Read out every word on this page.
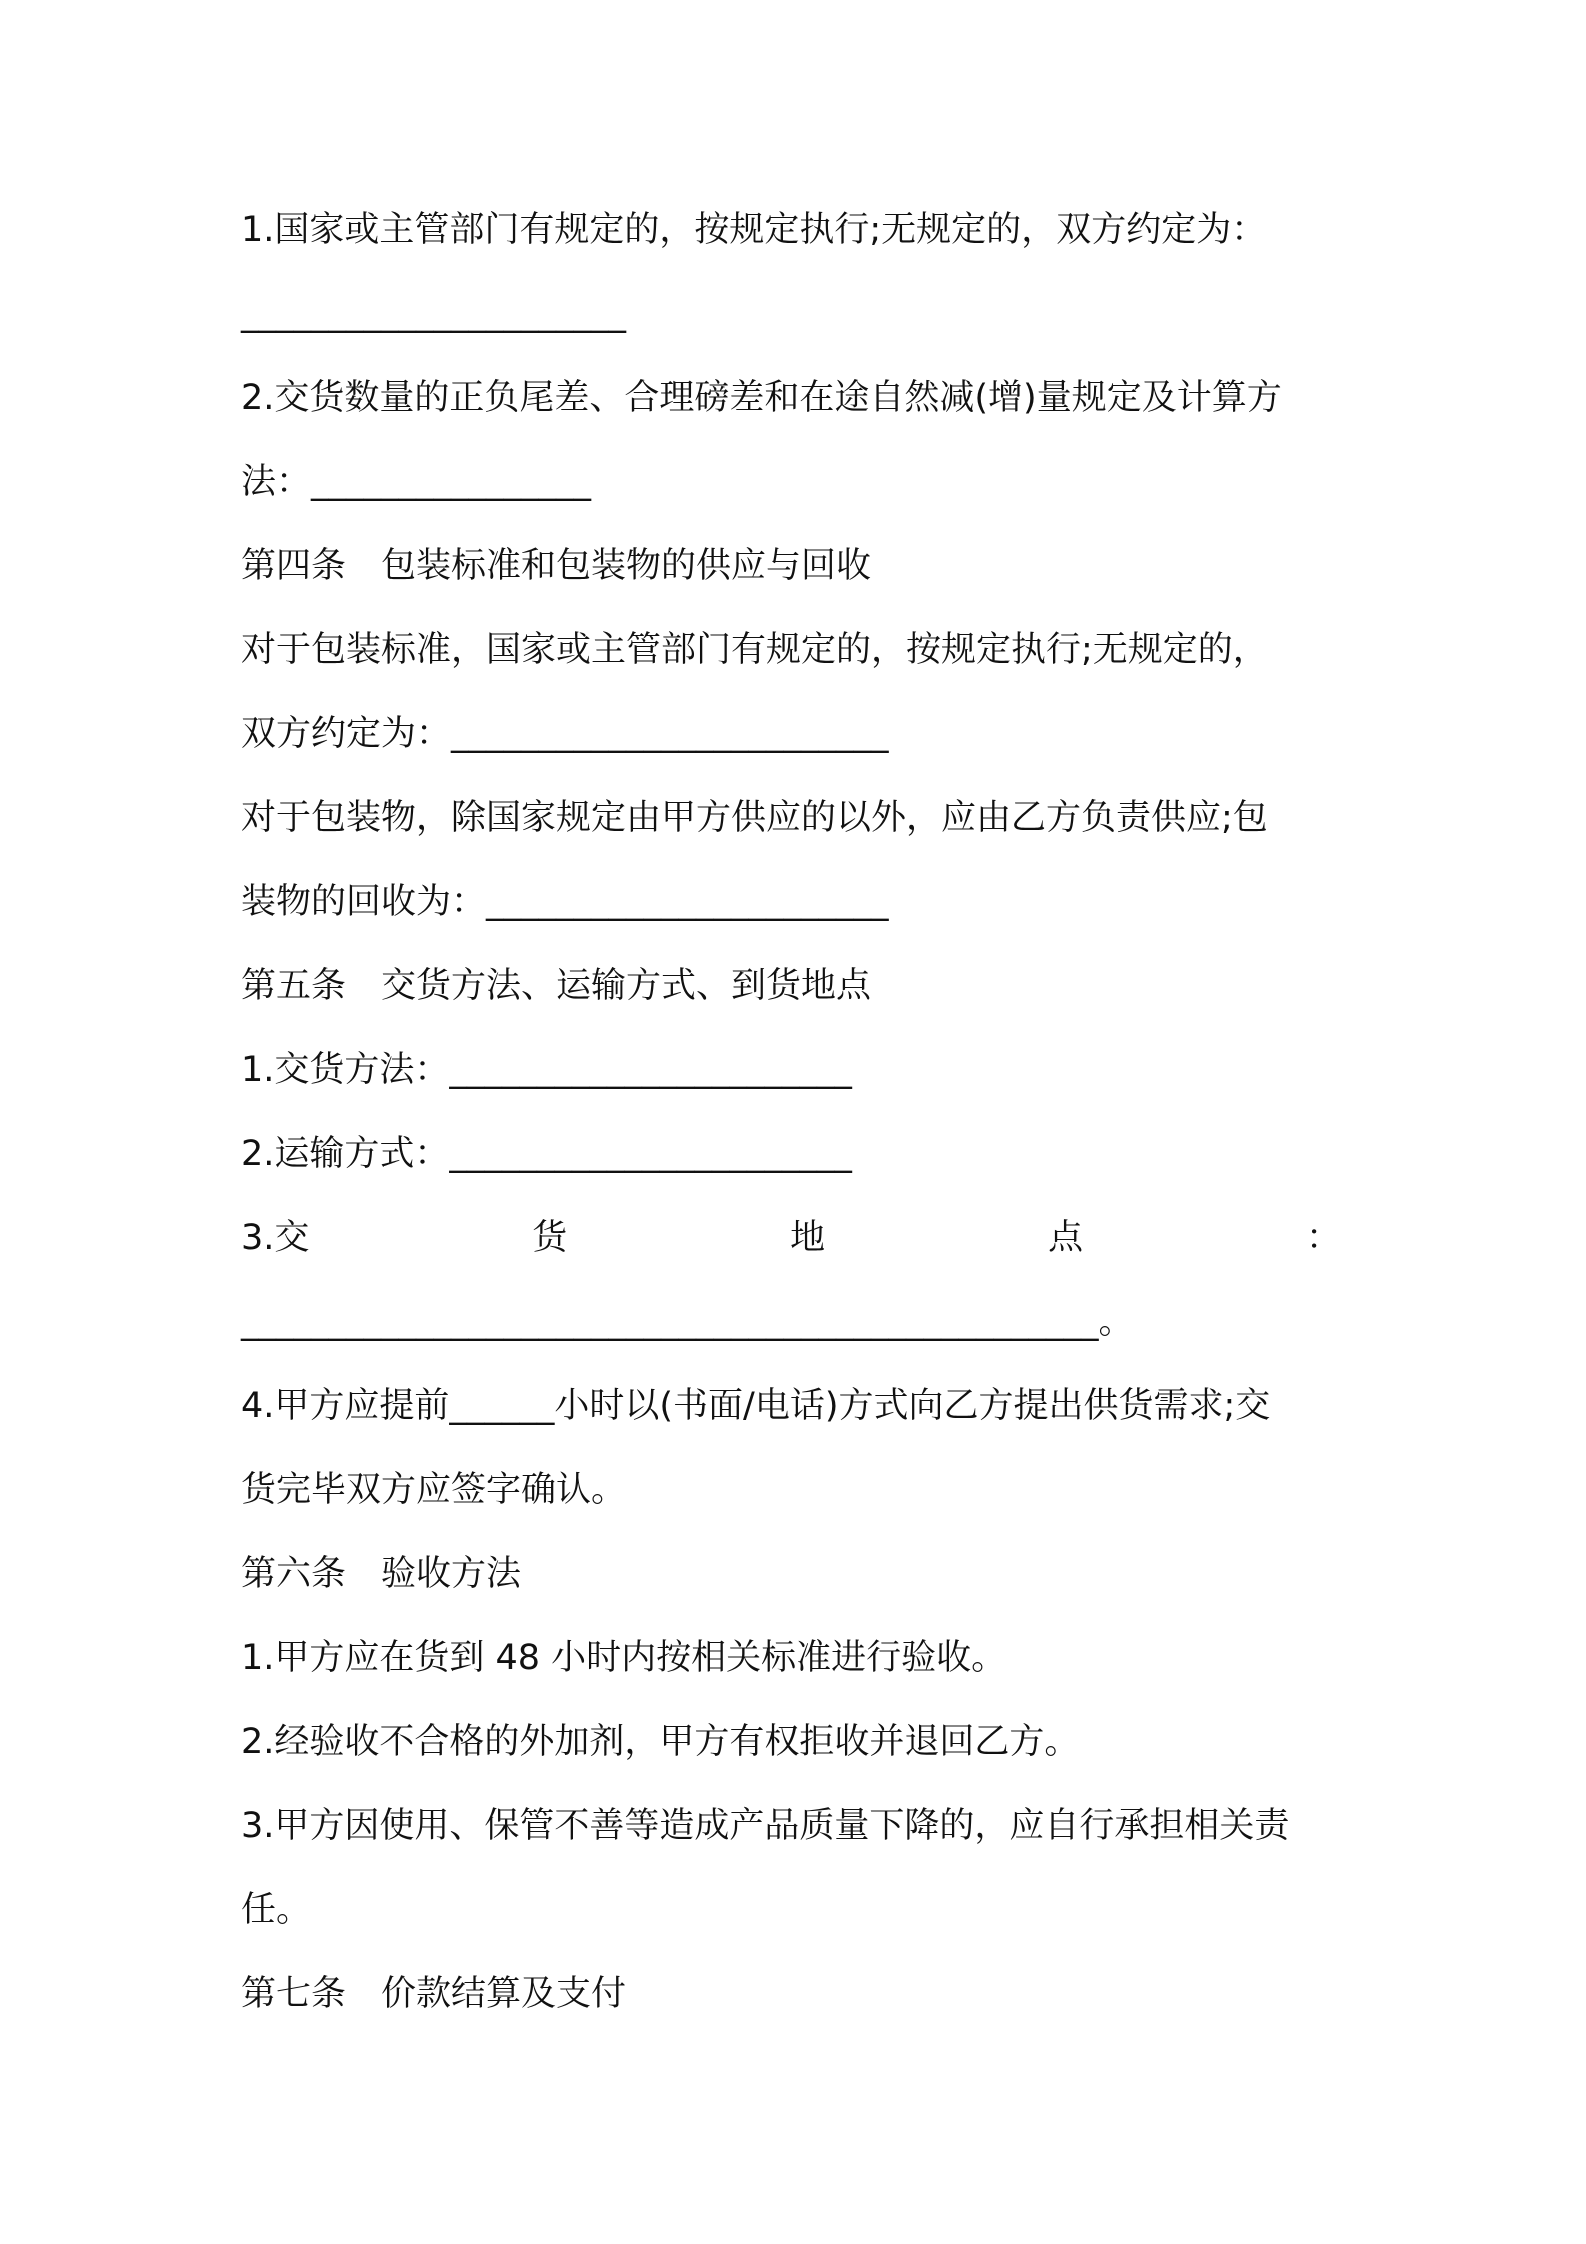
1.国家或主管部门有规定的，按规定执行;无规定的，双方约定为：
______________________
2.交货数量的正负尾差、合理磅差和在途自然减(增)量规定及计算方
法：________________
第四条　包装标准和包装物的供应与回收
对于包装标准，国家或主管部门有规定的，按规定执行;无规定的，
双方约定为：_________________________
对于包装物，除国家规定由甲方供应的以外，应由乙方负责供应;包
装物的回收为：_______________________
第五条　交货方法、运输方式、到货地点
1.交货方法：_______________________
2.运输方式：_______________________
3.交	货	地	点	：
_________________________________________________。
4.甲方应提前______小时以(书面/电话)方式向乙方提出供货需求;交
货完毕双方应签字确认。
第六条　验收方法
1.甲方应在货到 48 小时内按相关标准进行验收。
2.经验收不合格的外加剂，甲方有权拒收并退回乙方。
3.甲方因使用、保管不善等造成产品质量下降的，应自行承担相关责
任。
第七条　价款结算及支付
